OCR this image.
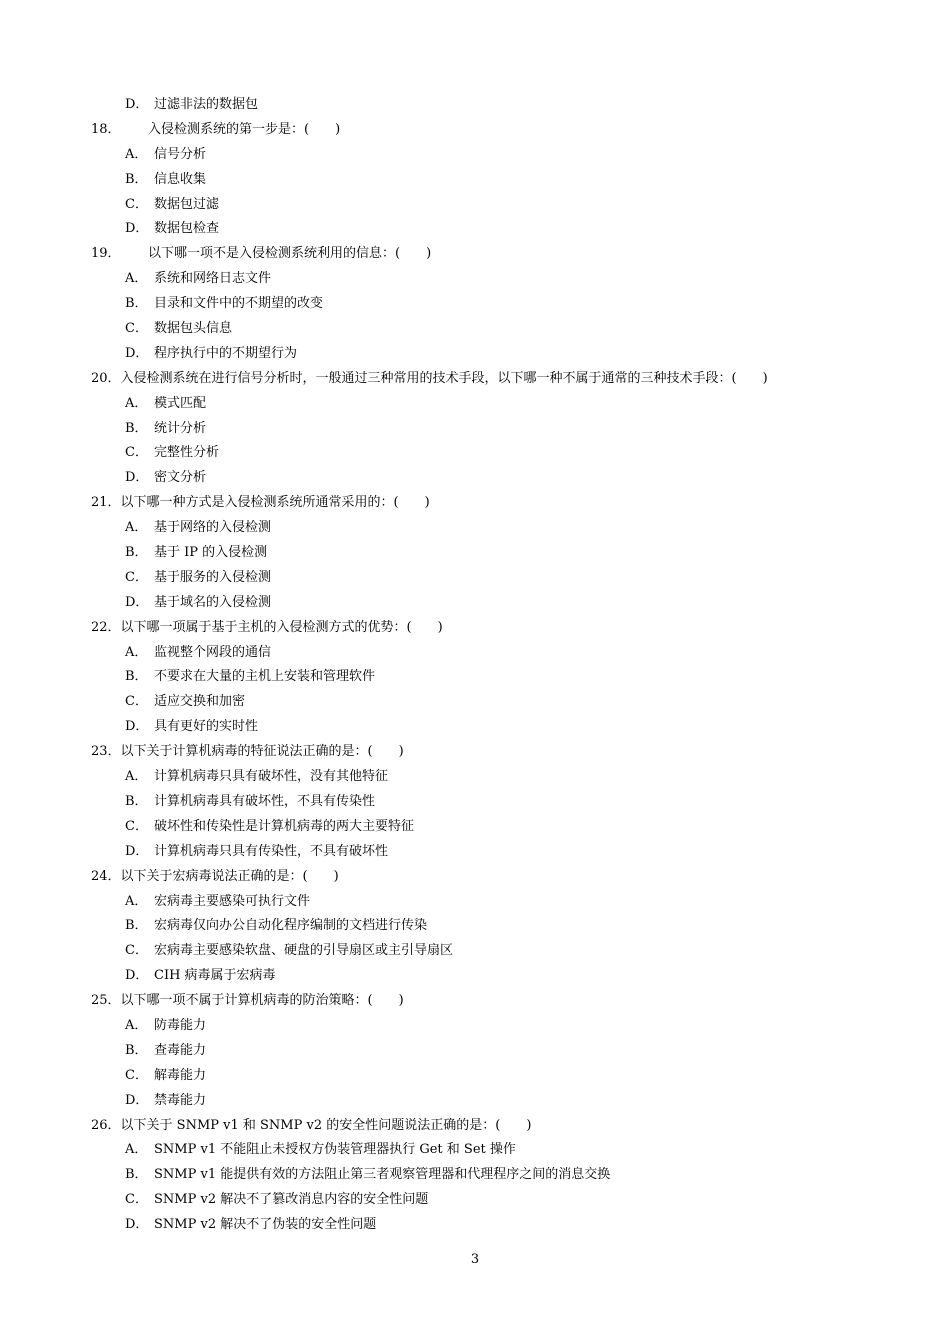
D． 过滤非法的数据包
18． 入侵检测系统的第一步是：(　　)
A． 信号分析
B． 信息收集
C． 数据包过滤
D． 数据包检查
19． 以下哪一项不是入侵检测系统利用的信息：(　　)
A． 系统和网络日志文件
B． 目录和文件中的不期望的改变
C． 数据包头信息
D． 程序执行中的不期望行为
20．入侵检测系统在进行信号分析时，一般通过三种常用的技术手段，以下哪一种不属于通常的三种技术手段：(　　)
A． 模式匹配
B． 统计分析
C． 完整性分析
D． 密文分析
21．以下哪一种方式是入侵检测系统所通常采用的：(　　)
A． 基于网络的入侵检测
B． 基于 IP 的入侵检测
C． 基于服务的入侵检测
D． 基于域名的入侵检测
22．以下哪一项属于基于主机的入侵检测方式的优势：(　　)
A． 监视整个网段的通信
B． 不要求在大量的主机上安装和管理软件
C． 适应交换和加密
D． 具有更好的实时性
23．以下关于计算机病毒的特征说法正确的是：(　　)
A． 计算机病毒只具有破坏性，没有其他特征
B． 计算机病毒具有破坏性，不具有传染性
C． 破坏性和传染性是计算机病毒的两大主要特征
D． 计算机病毒只具有传染性，不具有破坏性
24．以下关于宏病毒说法正确的是：(　　)
A． 宏病毒主要感染可执行文件
B． 宏病毒仅向办公自动化程序编制的文档进行传染
C． 宏病毒主要感染软盘、硬盘的引导扇区或主引导扇区
D． CIH 病毒属于宏病毒
25．以下哪一项不属于计算机病毒的防治策略：(　　)
A． 防毒能力
B． 查毒能力
C． 解毒能力
D． 禁毒能力
26．以下关于 SNMP v1 和 SNMP v2 的安全性问题说法正确的是：(　　)
A． SNMP v1 不能阻止未授权方伪装管理器执行 Get 和 Set 操作
B． SNMP v1 能提供有效的方法阻止第三者观察管理器和代理程序之间的消息交换
C． SNMP v2 解决不了篡改消息内容的安全性问题
D． SNMP v2 解决不了伪装的安全性问题
3
